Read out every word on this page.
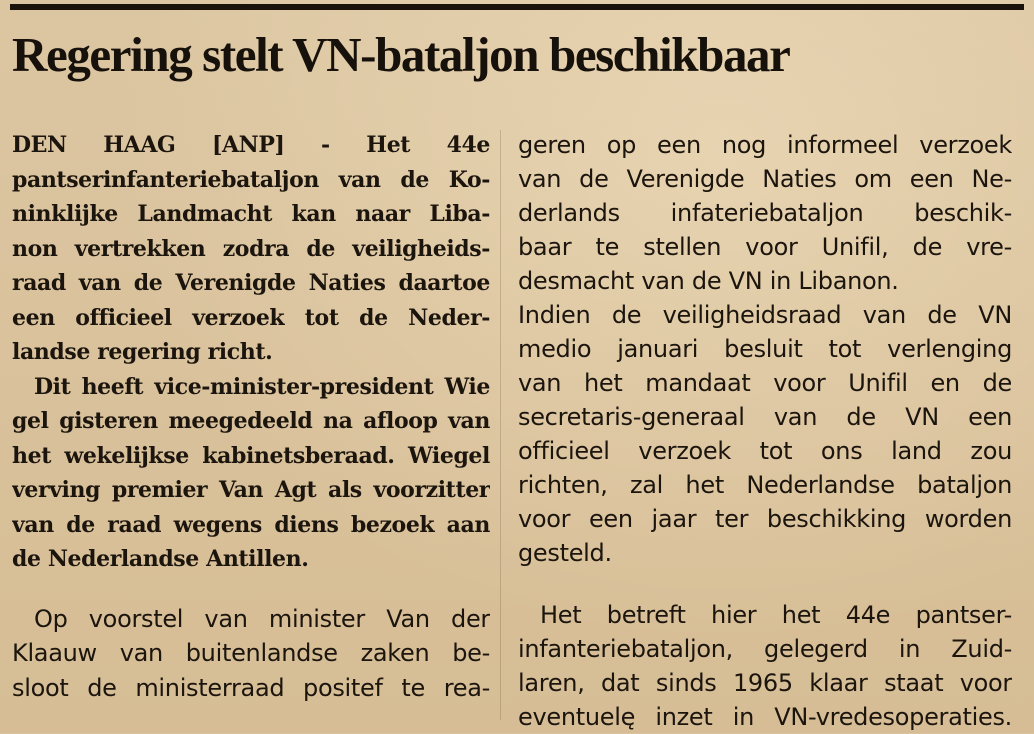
Regering stelt VN-bataljon beschikbaar
DEN HAAG [ANP] - Het 44e
pantserinfanteriebataljon van de Ko-
ninklijke Landmacht kan naar Liba-
non vertrekken zodra de veiligheids-
raad van de Verenigde Naties daartoe
een officieel verzoek tot de Neder-
landse regering richt.
Dit heeft vice-minister-president Wie
gel gisteren meegedeeld na afloop van
het wekelijkse kabinetsberaad. Wiegel
verving premier Van Agt als voorzitter
van de raad wegens diens bezoek aan
de Nederlandse Antillen.
Op voorstel van minister Van der
Klaauw van buitenlandse zaken be-
sloot de ministerraad positef te rea-
geren op een nog informeel verzoek
van de Verenigde Naties om een Ne-
derlands infateriebataljon beschik-
baar te stellen voor Unifil, de vre-
desmacht van de VN in Libanon.
Indien de veiligheidsraad van de VN
medio januari besluit tot verlenging
van het mandaat voor Unifil en de
secretaris-generaal van de VN een
officieel verzoek tot ons land zou
richten, zal het Nederlandse bataljon
voor een jaar ter beschikking worden
gesteld.
Het betreft hier het 44e pantser-
infanteriebataljon, gelegerd in Zuid-
laren, dat sinds 1965 klaar staat voor
eventuelę inzet in VN-vredesoperaties.
